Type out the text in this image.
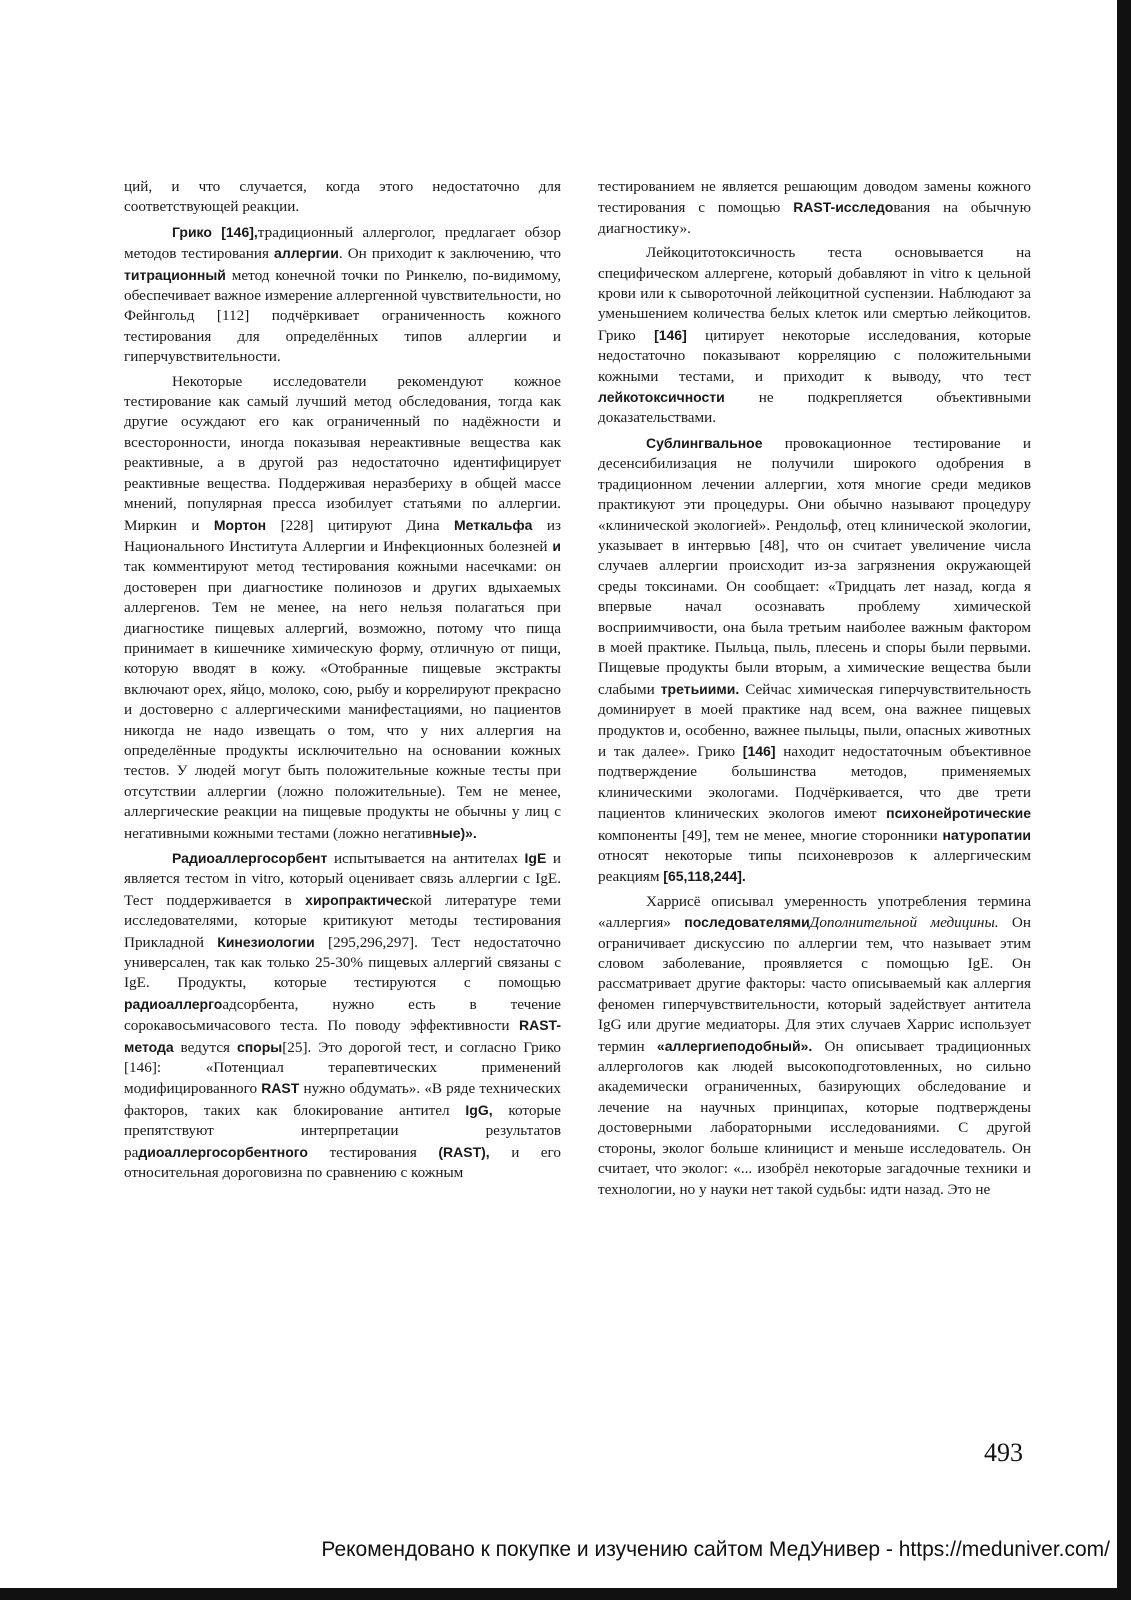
ций, и что случается, когда этого недостаточно для соответствующей реакции.

Грико [146],традиционный аллерголог, предлагает обзор методов тестирования аллергии. Он приходит к заключению, что титрационный метод конечной точки по Ринкелю, по-видимому, обеспечивает важное измерение аллергенной чувствительности, но Фейнгольд [112] подчёркивает ограниченность кожного тестирования для определённых типов аллергии и гиперчувствительности.

Некоторые исследователи рекомендуют кожное тестирование как самый лучший метод обследования, тогда как другие осуждают его как ограниченный по надёжности и всесторонности, иногда показывая нереактивные вещества как реактивные, а в другой раз недостаточно идентифицирует реактивные вещества. Поддерживая неразбериху в общей массе мнений, популярная пресса изобилует статьями по аллергии. Миркин и Мортон [228] цитируют Дина Меткальфа из Национального Института Аллергии и Инфекционных болезней и так комментируют метод тестирования кожными насечками: он достоверен при диагностике полинозов и других вдыхаемых аллергенов. Тем не менее, на него нельзя полагаться при диагностике пищевых аллергий, возможно, потому что пища принимает в кишечнике химическую форму, отличную от пищи, которую вводят в кожу. «Отобранные пищевые экстракты включают орех, яйцо, молоко, сою, рыбу и коррелируют прекрасно и достоверно с аллергическими манифестациями, но пациентов никогда не надо извещать о том, что у них аллергия на определённые продукты исключительно на основании кожных тестов. У людей могут быть положительные кожные тесты при отсутствии аллергии (ложно положительные). Тем не менее, аллергические реакции на пищевые продукты не обычны у лиц с негативными кожными тестами (ложно негативные)».

Радиоаллергосорбент испытывается на антителах IgE и является тестом in vitro, который оценивает связь аллергии с IgE. Тест поддерживается в хиропрактической литературе теми исследователями, которые критикуют методы тестирования Прикладной Кинезиологии [295,296,297]. Тест недостаточно универсален, так как только 25-30% пищевых аллергий связаны с IgE. Продукты, которые тестируются с помощью радиоаллергоадсорбента, нужно есть в течение сорокавосьмичасового теста. По поводу эффективности RAST-метода ведутся споры[25]. Это дорогой тест, и согласно Грико [146]: «Потенциал терапевтических применений модифицированного RAST нужно обдумать». «В ряде технических факторов, таких как блокирование антител IgG, которые препятствуют интерпретации результатов радиоаллергосорбентного тестирования (RAST), и его относительная дороговизна по сравнению с кожным

тестированием не является решающим доводом замены кожного тестирования с помощью RAST-исследования на обычную диагностику».

Лейкоцитотоксичность теста основывается на специфическом аллергене, который добавляют in vitro к цельной крови или к сывороточной лейкоцитной суспензии. Наблюдают за уменьшением количества белых клеток или смертью лейкоцитов. Грико [146] цитирует некоторые исследования, которые недостаточно показывают корреляцию с положительными кожными тестами, и приходит к выводу, что тест лейкотоксичности не подкрепляется объективными доказательствами.

Сублингвальное провокационное тестирование и десенсибилизация не получили широкого одобрения в традиционном лечении аллергии, хотя многие среди медиков практикуют эти процедуры. Они обычно называют процедуру «клинической экологией». Рендольф, отец клинической экологии, указывает в интервью [48], что он считает увеличение числа случаев аллергии происходит из-за загрязнения окружающей среды токсинами. Он сообщает: «Тридцать лет назад, когда я впервые начал осознавать проблему химической восприимчивости, она была третьим наиболее важным фактором в моей практике. Пыльца, пыль, плесень и споры были первыми. Пищевые продукты были вторым, а химические вещества были слабыми третьиими. Сейчас химическая гиперчувствительность доминирует в моей практике над всем, она важнее пищевых продуктов и, особенно, важнее пыльцы, пыли, опасных животных и так далее». Грико [146] находит недостаточным объективное подтверждение большинства методов, применяемых клиническими экологами. Подчёркивается, что две трети пациентов клинических экологов имеют психонейротические компоненты [49], тем не менее, многие сторонники натуропатии относят некоторые типы психоневрозов к аллергическим реакциям [65,118,244].

Харрисё описывал умеренность употребления термина «аллергия» последователямиДополнительной медицины. Он ограничивает дискуссию по аллергии тем, что называет этим словом заболевание, проявляется с помощью IgE. Он рассматривает другие факторы: часто описываемый как аллергия феномен гиперчувствительности, который задействует антитела IgG или другие медиаторы. Для этих случаев Харрис использует термин «аллергиеподобный». Он описывает традиционных аллергологов как людей высокоподготовленных, но сильно академически ограниченных, базирующих обследование и лечение на научных принципах, которые подтверждены достоверными лабораторными исследованиями. С другой стороны, эколог больше клиницист и меньше исследователь. Он считает, что эколог: «... изобрёл некоторые загадочные техники и технологии, но у науки нет такой судьбы: идти назад. Это не

493
Рекомендовано к покупке и изучению сайтом МедУнивер - https://meduniver.com/
